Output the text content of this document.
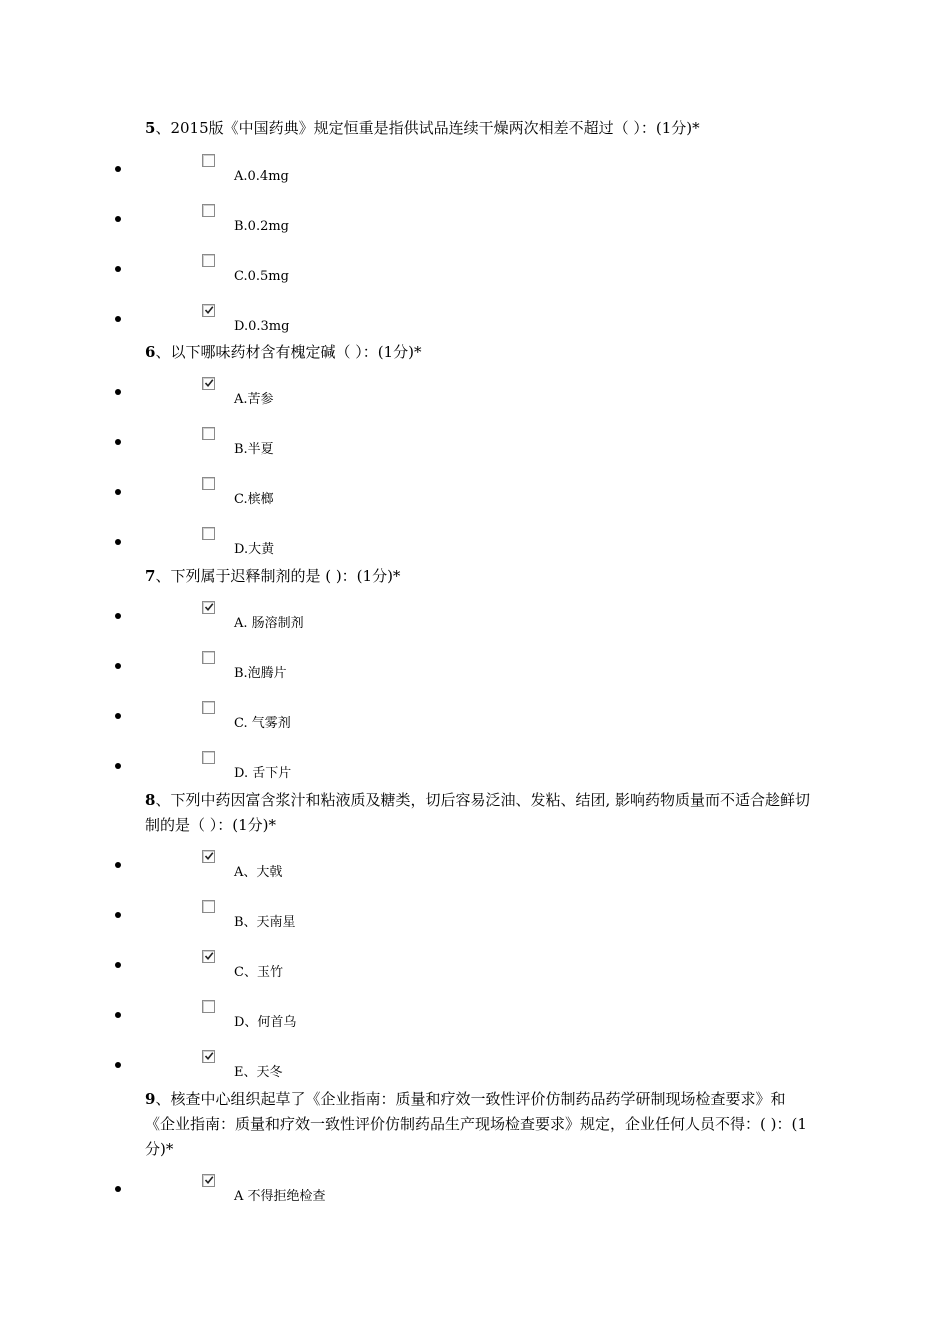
5、2015版《中国药典》规定恒重是指供试品连续干燥两次相差不超过（ ）：(1分)*
A.0.4mg
B.0.2mg
C.0.5mg
D.0.3mg
6、以下哪味药材含有槐定碱（ ）：(1分)*
A.苦参
B.半夏
C.槟榔
D.大黄
7、下列属于迟释制剂的是 ( )：(1分)*
A. 肠溶制剂
B.泡腾片
C. 气雾剂
D. 舌下片
8、下列中药因富含浆汁和粘液质及糖类，切后容易泛油、发粘、结团, 影响药物质量而不适合趁鲜切制的是（ ）：(1分)*
A、大戟
B、天南星
C、玉竹
D、何首乌
E、天冬
9、核查中心组织起草了《企业指南：质量和疗效一致性评价仿制药品药学研制现场检查要求》和《企业指南：质量和疗效一致性评价仿制药品生产现场检查要求》规定，企业任何人员不得：( )：(1分)*
A 不得拒绝检查
